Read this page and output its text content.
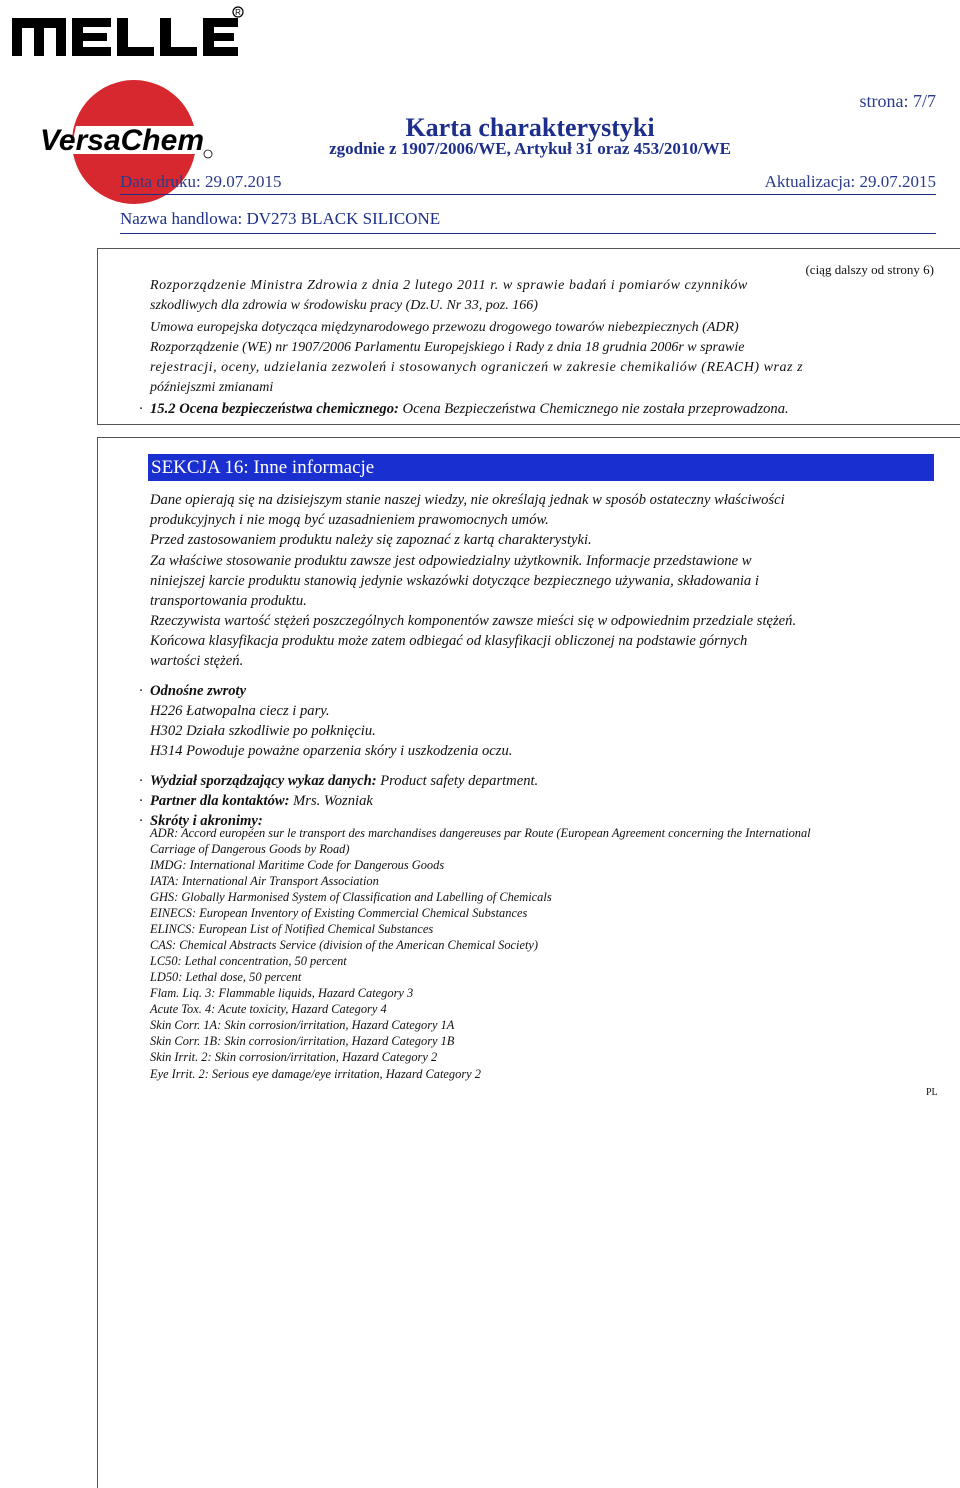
R
VersaChem
strona: 7/7
Karta charakterystyki
zgodnie z 1907/2006/WE, Artykuł 31 oraz 453/2010/WE
Data druku: 29.07.2015	Aktualizacja: 29.07.2015
Nazwa handlowa: DV273 BLACK SILICONE
(ciąg dalszy od strony 6)
Rozporządzenie Ministra Zdrowia z dnia 2 lutego 2011 r. w sprawie badań i pomiarów czynników
szkodliwych dla zdrowia w środowisku pracy (Dz.U. Nr 33, poz. 166)
Umowa europejska dotycząca międzynarodowego przewozu drogowego towarów niebezpiecznych (ADR)
Rozporządzenie (WE) nr 1907/2006 Parlamentu Europejskiego i Rady z dnia 18 grudnia 2006r w sprawie
rejestracji, oceny, udzielania zezwoleń i stosowanych ograniczeń w zakresie chemikaliów (REACH) wraz z
późniejszmi zmianami
· 15.2 Ocena bezpieczeństwa chemicznego: Ocena Bezpieczeństwa Chemicznego nie została przeprowadzona.
SEKCJA 16: Inne informacje
Dane opierają się na dzisiejszym stanie naszej wiedzy, nie określają jednak w sposób ostateczny właściwości
produkcyjnych i nie mogą być uzasadnieniem prawomocnych umów.
Przed zastosowaniem produktu należy się zapoznać z kartą charakterystyki.
Za właściwe stosowanie produktu zawsze jest odpowiedzialny użytkownik. Informacje przedstawione w
niniejszej karcie produktu stanowią jedynie wskazówki dotyczące bezpiecznego używania, składowania i
transportowania produktu.
Rzeczywista wartość stężeń poszczególnych komponentów zawsze mieści się w odpowiednim przedziale stężeń.
Końcowa klasyfikacja produktu może zatem odbiegać od klasyfikacji obliczonej na podstawie górnych
wartości stężeń.
· Odnośne zwroty
H226 Łatwopalna ciecz i pary.
H302 Działa szkodliwie po połknięciu.
H314 Powoduje poważne oparzenia skóry i uszkodzenia oczu.
· Wydział sporządzający wykaz danych: Product safety department.
· Partner dla kontaktów: Mrs. Wozniak
· Skróty i akronimy:
ADR: Accord européen sur le transport des marchandises dangereuses par Route (European Agreement concerning the International
Carriage of Dangerous Goods by Road)
IMDG: International Maritime Code for Dangerous Goods
IATA: International Air Transport Association
GHS: Globally Harmonised System of Classification and Labelling of Chemicals
EINECS: European Inventory of Existing Commercial Chemical Substances
ELINCS: European List of Notified Chemical Substances
CAS: Chemical Abstracts Service (division of the American Chemical Society)
LC50: Lethal concentration, 50 percent
LD50: Lethal dose, 50 percent
Flam. Liq. 3: Flammable liquids, Hazard Category 3
Acute Tox. 4: Acute toxicity, Hazard Category 4
Skin Corr. 1A: Skin corrosion/irritation, Hazard Category 1A
Skin Corr. 1B: Skin corrosion/irritation, Hazard Category 1B
Skin Irrit. 2: Skin corrosion/irritation, Hazard Category 2
Eye Irrit. 2: Serious eye damage/eye irritation, Hazard Category 2
PL
